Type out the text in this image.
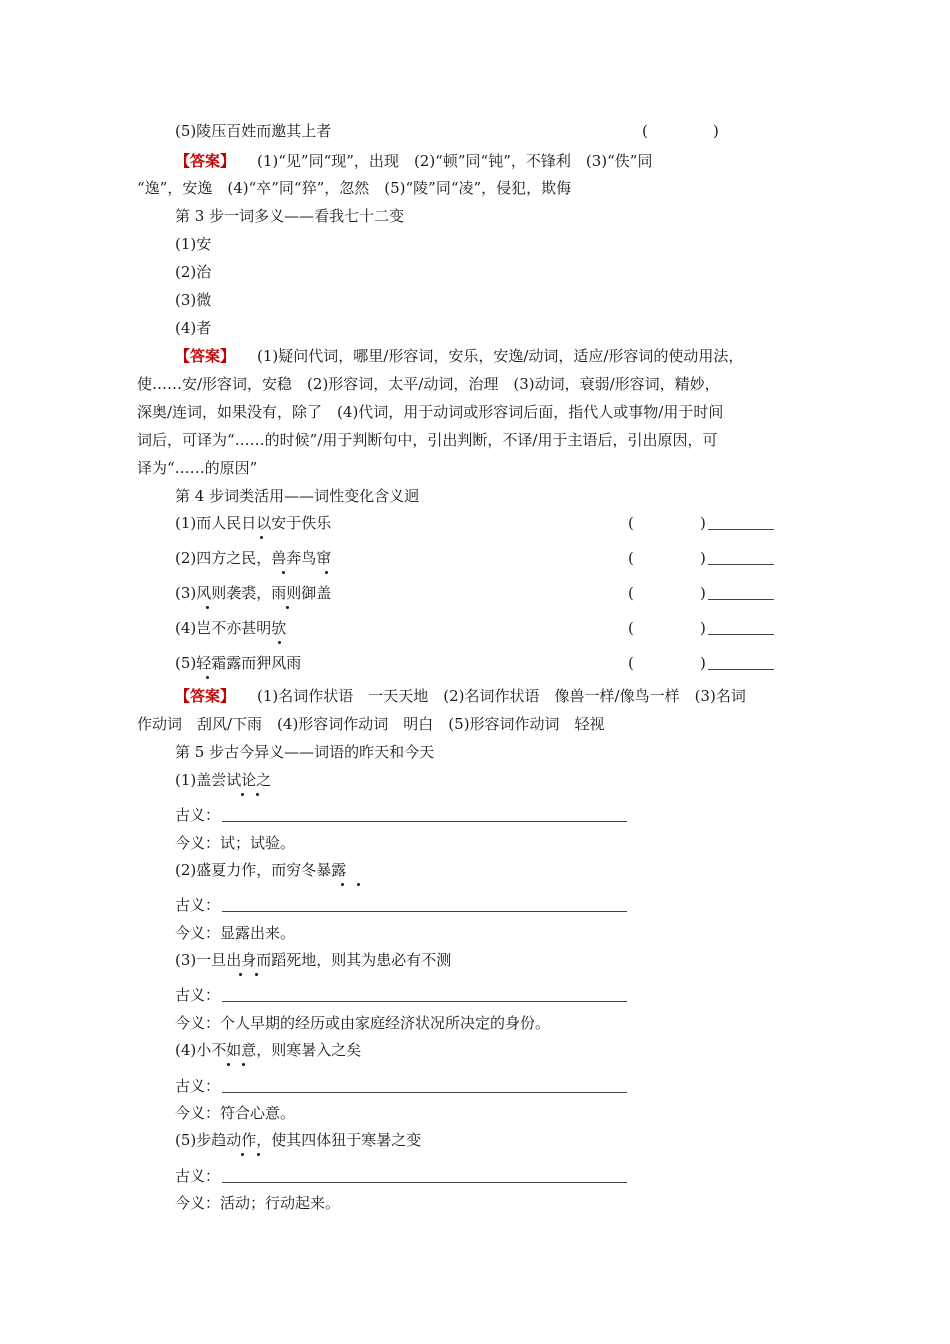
(5)陵压百姓而邀其上者	(	)
【答案】 (1)“见”同“现”，出现　(2)“顿”同“钝”，不锋利　(3)“佚”同
“逸”，安逸　(4)“卒”同“猝”，忽然　(5)“陵”同“凌”，侵犯，欺侮
第 3 步一词多义——看我七十二变
(1)安
(2)治
(3)微
(4)者
【答案】 (1)疑问代词，哪里/形容词，安乐，安逸/动词，适应/形容词的使动用法，
使……安/形容词，安稳　(2)形容词，太平/动词，治理　(3)动词，衰弱/形容词，精妙，
深奥/连词，如果没有，除了　(4)代词，用于动词或形容词后面，指代人或事物/用于时间
词后，可译为“……的时候”/用于判断句中，引出判断，不译/用于主语后，引出原因，可
译为“……的原因”
第 4 步词类活用——词性变化含义迥
(1)而人民日以安于佚乐	(	)
(2)四方之民，兽奔鸟窜	(	)
(3)风则袭裘，雨则御盖	(	)
(4)岂不亦甚明欤	(	)
(5)轻霜露而狎风雨	(	)
【答案】 (1)名词作状语　一天天地　(2)名词作状语　像兽一样/像鸟一样　(3)名词
作动词　刮风/下雨　(4)形容词作动词　明白　(5)形容词作动词　轻视
第 5 步古今异义——词语的昨天和今天
(1)盖尝试论之
古义：
今义：试；试验。
(2)盛夏力作，而穷冬暴露
古义：
今义：显露出来。
(3)一旦出身而蹈死地，则其为患必有不测
古义：
今义：个人早期的经历或由家庭经济状况所决定的身份。
(4)小不如意，则寒暑入之矣
古义：
今义：符合心意。
(5)步趋动作，使其四体狃于寒暑之变
古义：
今义：活动；行动起来。
